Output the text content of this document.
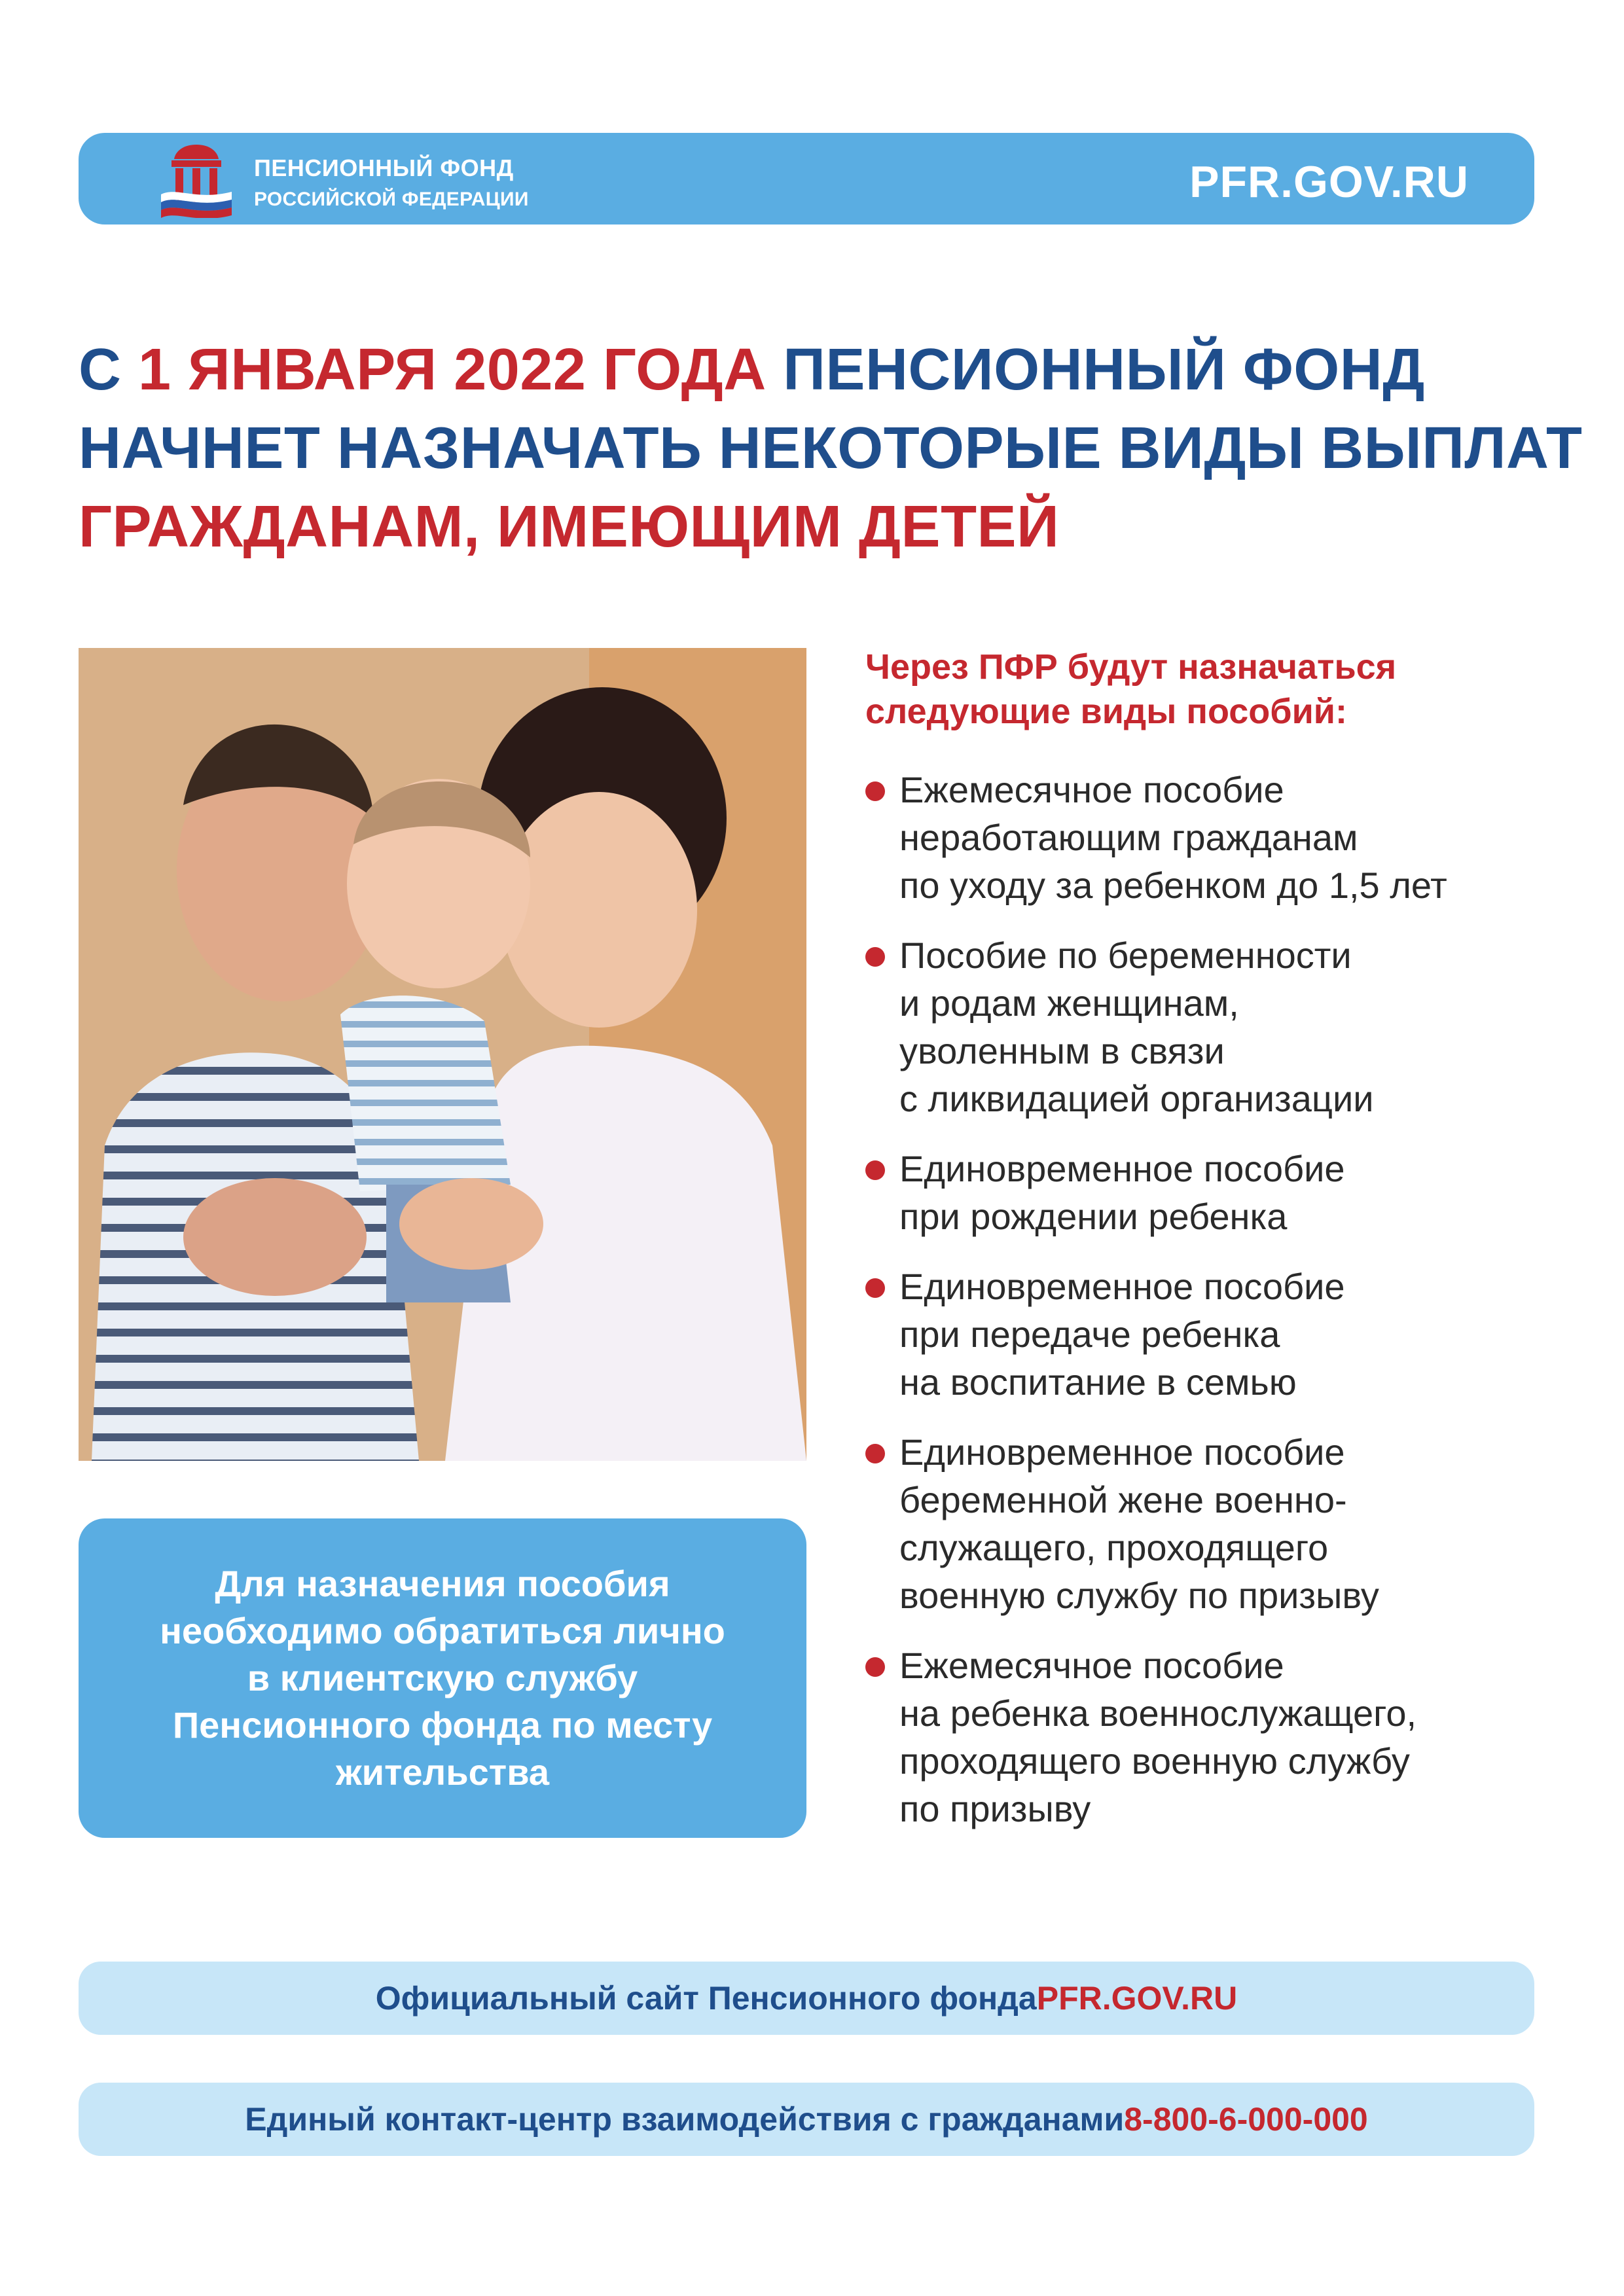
ПЕНСИОННЫЙ ФОНД
РОССИЙСКОЙ ФЕДЕРАЦИИ	PFR.GOV.RU
С 1 ЯНВАРЯ 2022 ГОДА ПЕНСИОННЫЙ ФОНД
НАЧНЕТ НАЗНАЧАТЬ НЕКОТОРЫЕ ВИДЫ ВЫПЛАТ
ГРАЖДАНАМ, ИМЕЮЩИМ ДЕТЕЙ
Для назначения пособия необходимо обратиться лично в клиентскую службу Пенсионного фонда по месту жительства
Через ПФР будут назначаться следующие виды пособий:
Ежемесячное пособие
неработающим гражданам
по уходу за ребенком до 1,5 лет
Пособие по беременности
и родам женщинам,
уволенным в связи
с ликвидацией организации
Единовременное пособие
при рождении ребенка
Единовременное пособие
при передаче ребенка
на воспитание в семью
Единовременное пособие
беременной жене военно-
служащего, проходящего
военную службу по призыву
Ежемесячное пособие
на ребенка военнослужащего,
проходящего военную службу
по призыву
Официальный сайт Пенсионного фонда PFR.GOV.RU
Единый контакт-центр взаимодействия с гражданами 8-800-6-000-000
